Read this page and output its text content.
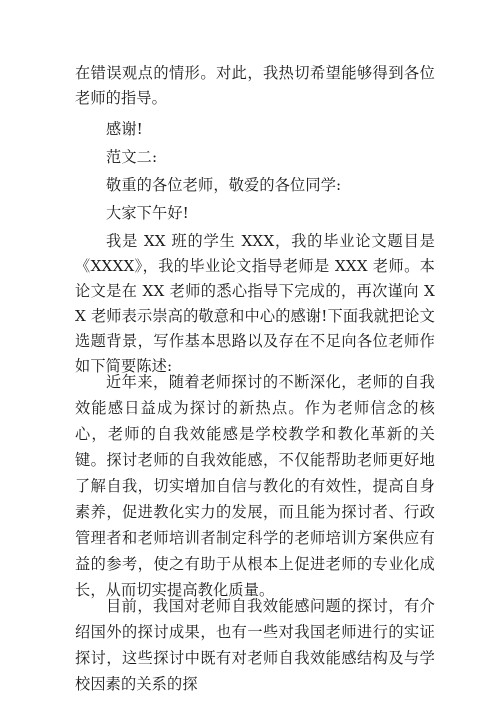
在错误观点的情形。对此，我热切希望能够得到各位老师的指导。

感谢!

范文二:

敬重的各位老师，敬爱的各位同学:

大家下午好!

我是 XX 班的学生 XXX，我的毕业论文题目是《XXXX》，我的毕业论文指导老师是 XXX 老师。本论文是在 XX 老师的悉心指导下完成的，再次谨向 XX 老师表示崇高的敬意和中心的感谢!下面我就把论文选题背景，写作基本思路以及存在不足向各位老师作如下简要陈述:

近年来，随着老师探讨的不断深化，老师的自我效能感日益成为探讨的新热点。作为老师信念的核心，老师的自我效能感是学校教学和教化革新的关键。探讨老师的自我效能感，不仅能帮助老师更好地了解自我，切实增加自信与教化的有效性，提高自身素养，促进教化实力的发展，而且能为探讨者、行政管理者和老师培训者制定科学的老师培训方案供应有益的参考，使之有助于从根本上促进老师的专业化成长，从而切实提高教化质量。

目前，我国对老师自我效能感问题的探讨，有介绍国外的探讨成果，也有一些对我国老师进行的实证探讨，这些探讨中既有对老师自我效能感结构及与学校因素的关系的探
